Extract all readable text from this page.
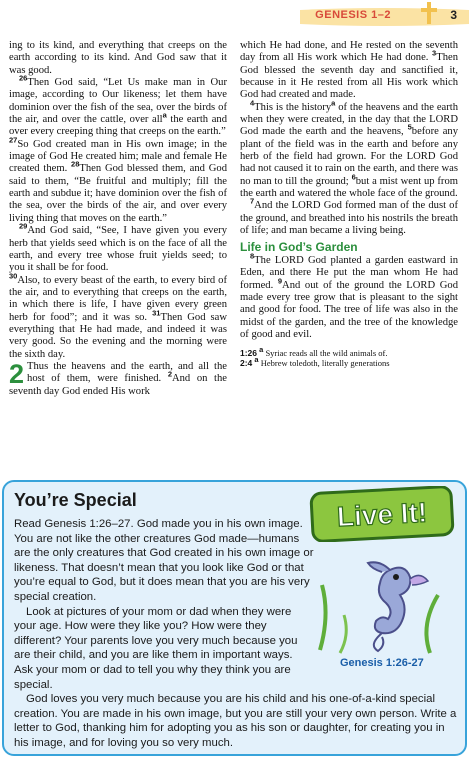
GENESIS 1–2	3

ing to its kind, and everything that creeps on the earth according to its kind. And God saw that it was good.

$^{26}$Then God said, “Let Us make man in Our image, according to Our likeness; let them have dominion over the fish of the sea, over the birds of the air, and over the cattle, over all$^a$ the earth and over every creeping thing that creeps on the earth.”

$^{27}$So God created man in His own image; in the image of God He created him; male and female He created them. $^{28}$Then God blessed them, and God said to them, “Be fruitful and multiply; fill the earth and subdue it; have dominion over the fish of the sea, over the birds of the air, and over every living thing that moves on the earth.”

$^{29}$And God said, “See, I have given you every herb that yields seed which is on the face of all the earth, and every tree whose fruit yields seed; to you it shall be for food.

$^{30}$Also, to every beast of the earth, to every bird of the air, and to everything that creeps on the earth, in which there is life, I have given every green herb for food”; and it was so. $^{31}$Then God saw everything that He had made, and indeed it was very good. So the evening and the morning were the sixth day.

2 Thus the heavens and the earth, and all the host of them, were finished. $^2$And on the seventh day God ended His work

which He had done, and He rested on the seventh day from all His work which He had done. $^3$Then God blessed the seventh day and sanctified it, because in it He rested from all His work which God had created and made.

$^4$This is the history$^a$ of the heavens and the earth when they were created, in the day that the LORD God made the earth and the heavens, $^5$before any plant of the field was in the earth and before any herb of the field had grown. For the LORD God had not caused it to rain on the earth, and there was no man to till the ground; $^6$but a mist went up from the earth and watered the whole face of the ground.

$^7$And the LORD God formed man of the dust of the ground, and breathed into his nostrils the breath of life; and man became a living being.

Life in God’s Garden

$^8$The LORD God planted a garden eastward in Eden, and there He put the man whom He had formed. $^9$And out of the ground the LORD God made every tree grow that is pleasant to the sight and good for food. The tree of life was also in the midst of the garden, and the tree of the knowledge of good and evil.

1:26 a Syriac reads all the wild animals of.

2:4 a Hebrew toledoth, literally generations

You’re Special	Live It!
Genesis 1:26-27

Read Genesis 1:26–27. God made you in his own image. You are not like the other creatures God made—humans are the only creatures that God created in his own image or likeness. That doesn’t mean that you look like God or that you’re equal to God, but it does mean that you are his very special creation.

Look at pictures of your mom or dad when they were your age. How were they like you? How were they different? Your parents love you very much because you are their child, and you are like them in important ways. Ask your mom or dad to tell you why they think you are special.

God loves you very much because you are his child and his one-of-a-kind special creation. You are made in his own image, but you are still your very own person. Write a letter to God, thanking him for adopting you as his son or daughter, for creating you in his image, and for loving you so very much.
